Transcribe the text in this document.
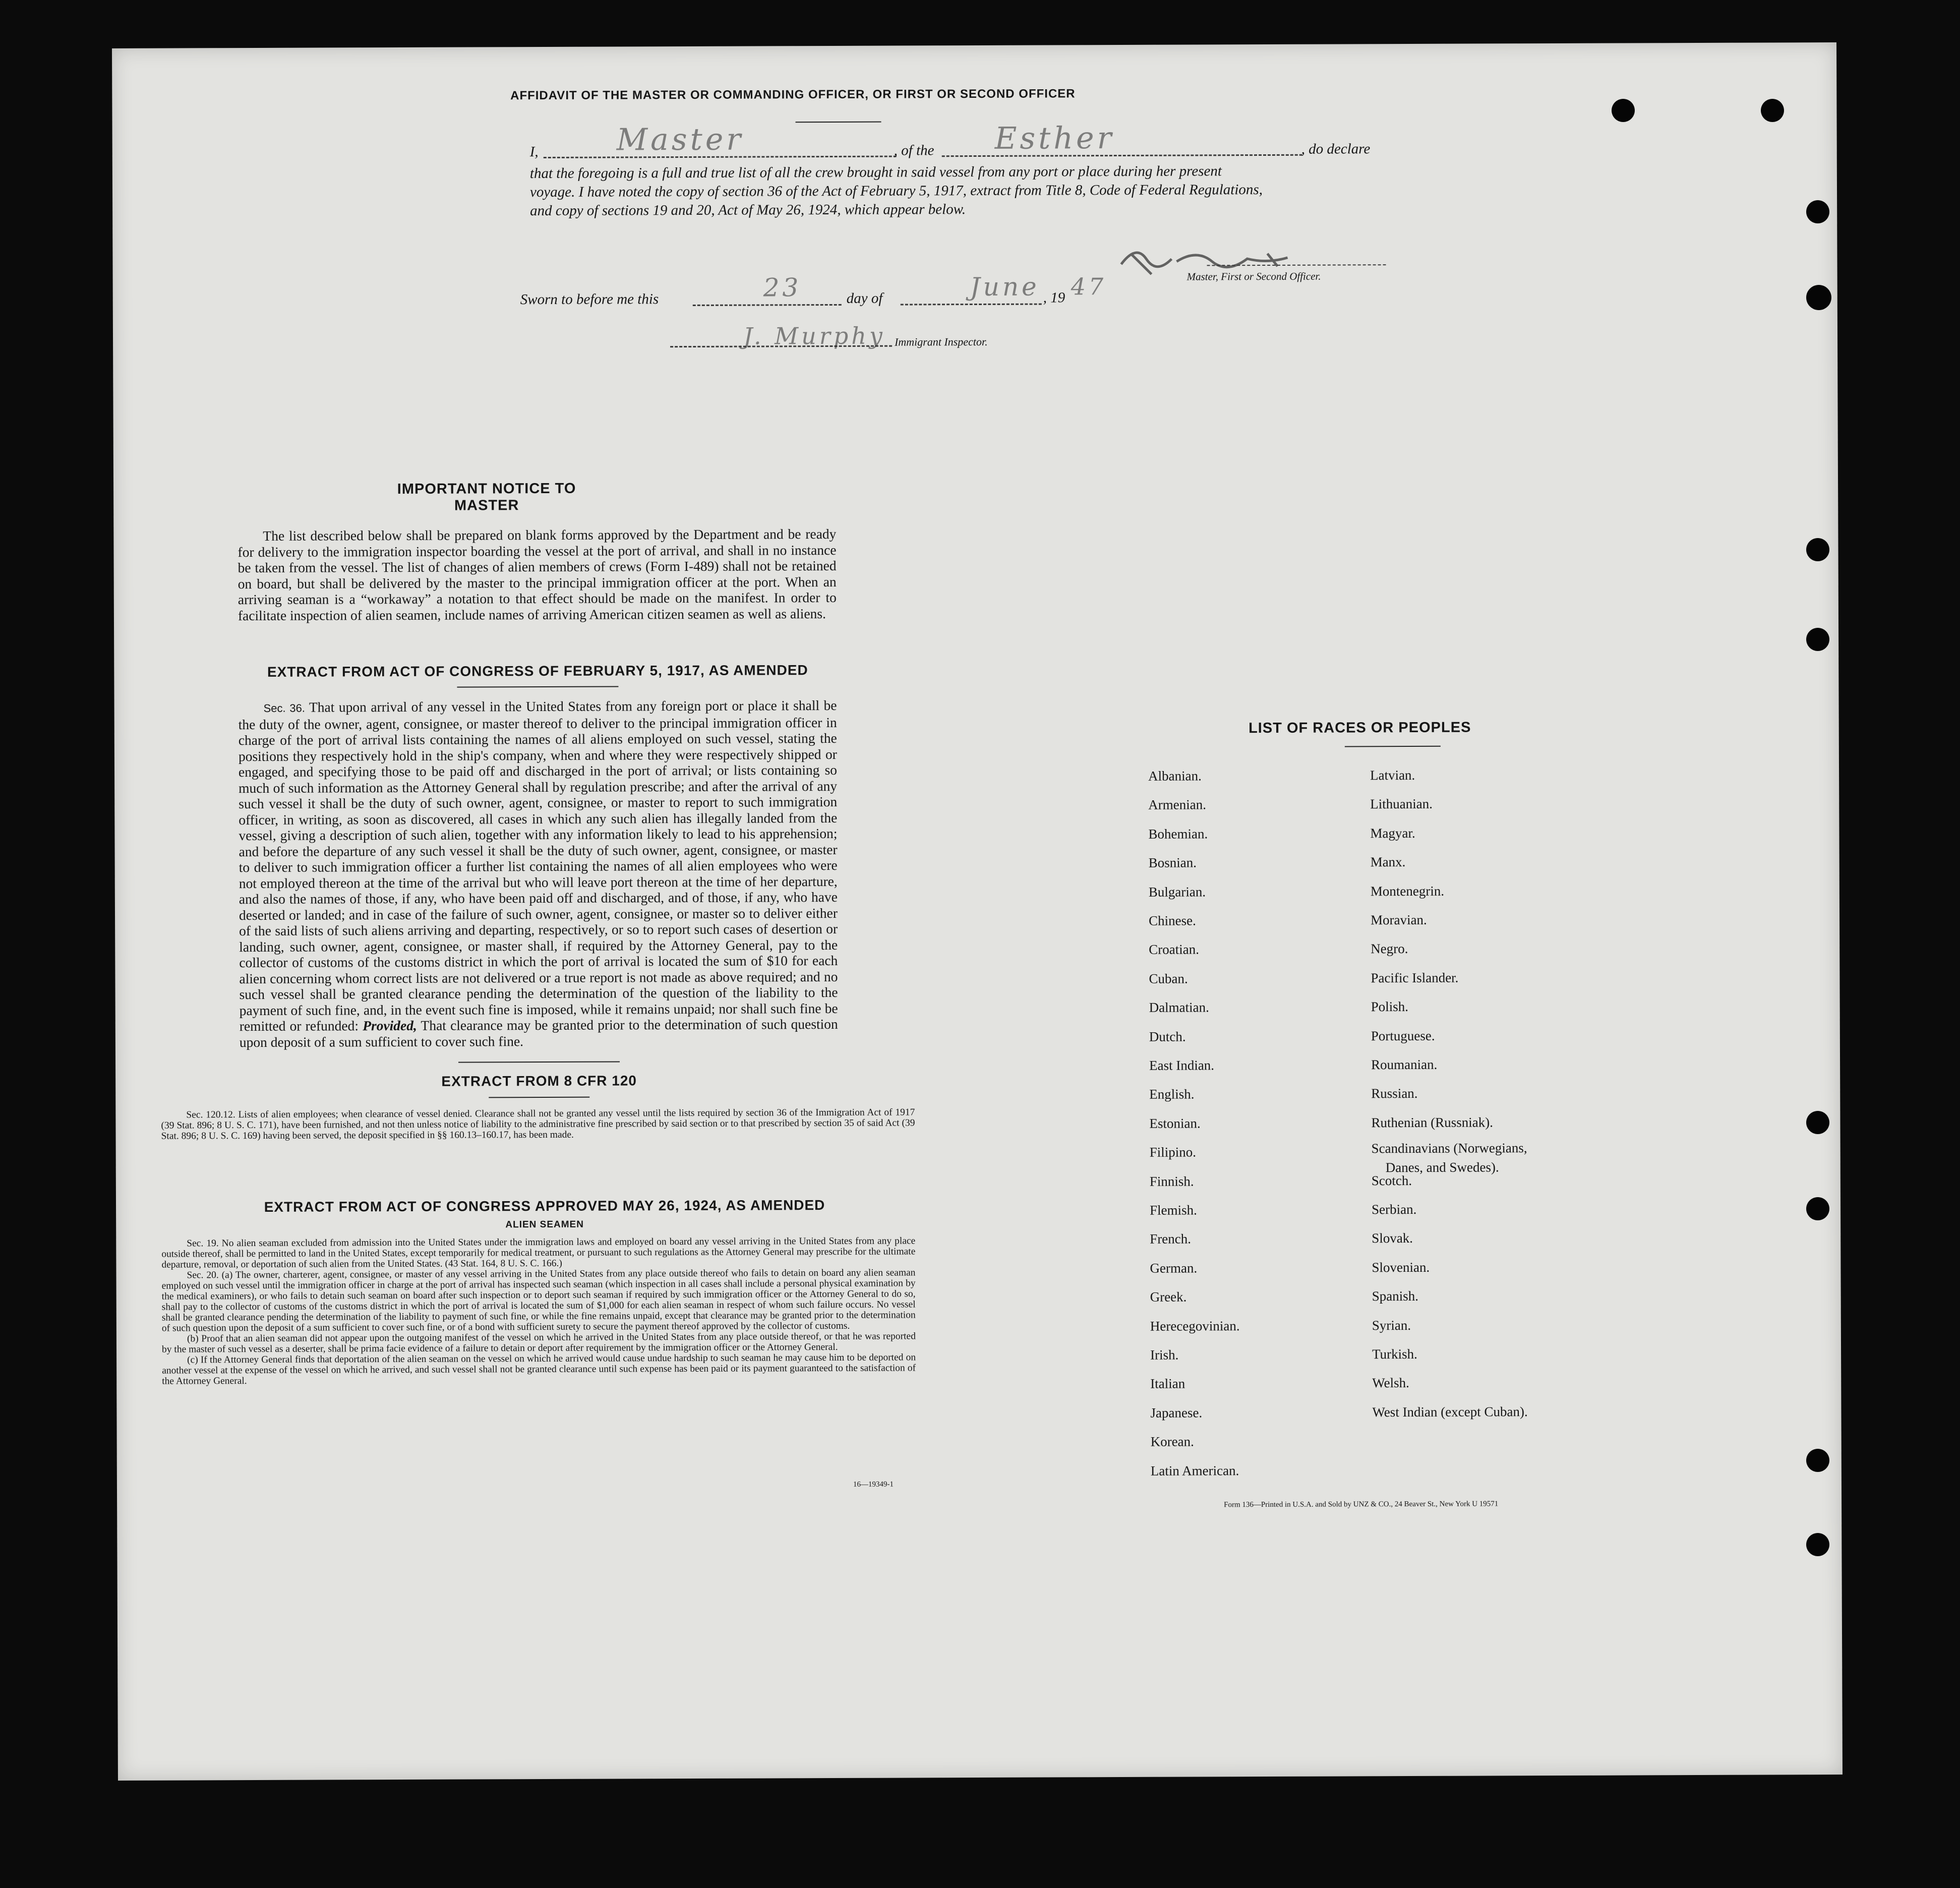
AFFIDAVIT OF THE MASTER OR COMMANDING OFFICER, OR FIRST OR SECOND OFFICER
I,	Master	, of the Esther	, do declare
that the foregoing is a full and true list of all the crew brought in said vessel from any port or place during her present
voyage. I have noted the copy of section 36 of the Act of February 5, 1917, extract from Title 8, Code of Federal Regulations,
and copy of sections 19 and 20, Act of May 26, 1924, which appear below.
Master, First or Second Officer.
Sworn to before me this	23	day of	June , 19 47
J. Murphy Immigrant Inspector.
IMPORTANT NOTICE TO MASTER
The list described below shall be prepared on blank forms approved by the Department and be ready for delivery to the immigration inspector boarding the vessel at the port of arrival, and shall in no instance be taken from the vessel. The list of changes of alien members of crews (Form I-489) shall not be retained on board, but shall be delivered by the master to the principal immigration officer at the port. When an arriving seaman is a “workaway” a notation to that effect should be made on the manifest. In order to facilitate inspection of alien seamen, include names of arriving American citizen seamen as well as aliens.
EXTRACT FROM ACT OF CONGRESS OF FEBRUARY 5, 1917, AS AMENDED
Sec. 36. That upon arrival of any vessel in the United States from any foreign port or place it shall be the duty of the owner, agent, consignee, or master thereof to deliver to the principal immigration officer in charge of the port of arrival lists containing the names of all aliens employed on such vessel, stating the positions they respectively hold in the ship's company, when and where they were respectively shipped or engaged, and specifying those to be paid off and discharged in the port of arrival; or lists containing so much of such information as the Attorney General shall by regulation prescribe; and after the arrival of any such vessel it shall be the duty of such owner, agent, consignee, or master to report to such immigration officer, in writing, as soon as discovered, all cases in which any such alien has illegally landed from the vessel, giving a description of such alien, together with any information likely to lead to his apprehension; and before the departure of any such vessel it shall be the duty of such owner, agent, consignee, or master to deliver to such immigration officer a further list containing the names of all alien employees who were not employed thereon at the time of the arrival but who will leave port thereon at the time of her departure, and also the names of those, if any, who have been paid off and discharged, and of those, if any, who have deserted or landed; and in case of the failure of such owner, agent, consignee, or master so to deliver either of the said lists of such aliens arriving and departing, respectively, or so to report such cases of desertion or landing, such owner, agent, consignee, or master shall, if required by the Attorney General, pay to the collector of customs of the customs district in which the port of arrival is located the sum of $10 for each alien concerning whom correct lists are not delivered or a true report is not made as above required; and no such vessel shall be granted clearance pending the determination of the question of the liability to the payment of such fine, and, in the event such fine is imposed, while it remains unpaid; nor shall such fine be remitted or refunded: Provided, That clearance may be granted prior to the determination of such question upon deposit of a sum sufficient to cover such fine.
EXTRACT FROM 8 CFR 120
Sec. 120.12. Lists of alien employees; when clearance of vessel denied. Clearance shall not be granted any vessel until the lists required by section 36 of the Immigration Act of 1917 (39 Stat. 896; 8 U. S. C. 171), have been furnished, and not then unless notice of liability to the administrative fine prescribed by said section or to that prescribed by section 35 of said Act (39 Stat. 896; 8 U. S. C. 169) having been served, the deposit specified in §§ 160.13–160.17, has been made.
EXTRACT FROM ACT OF CONGRESS APPROVED MAY 26, 1924, AS AMENDED
ALIEN SEAMEN
Sec. 19. No alien seaman excluded from admission into the United States under the immigration laws and employed on board any vessel arriving in the United States from any place outside thereof, shall be permitted to land in the United States, except temporarily for medical treatment, or pursuant to such regulations as the Attorney General may prescribe for the ultimate departure, removal, or deportation of such alien from the United States. (43 Stat. 164, 8 U. S. C. 166.)
Sec. 20. (a) The owner, charterer, agent, consignee, or master of any vessel arriving in the United States from any place outside thereof who fails to detain on board any alien seaman employed on such vessel until the immigration officer in charge at the port of arrival has inspected such seaman (which inspection in all cases shall include a personal physical examination by the medical examiners), or who fails to detain such seaman on board after such inspection or to deport such seaman if required by such immigration officer or the Attorney General to do so, shall pay to the collector of customs of the customs district in which the port of arrival is located the sum of $1,000 for each alien seaman in respect of whom such failure occurs. No vessel shall be granted clearance pending the determination of the liability to payment of such fine, or while the fine remains unpaid, except that clearance may be granted prior to the determination of such question upon the deposit of a sum sufficient to cover such fine, or of a bond with sufficient surety to secure the payment thereof approved by the collector of customs.
(b) Proof that an alien seaman did not appear upon the outgoing manifest of the vessel on which he arrived in the United States from any place outside thereof, or that he was reported by the master of such vessel as a deserter, shall be prima facie evidence of a failure to detain or deport after requirement by the immigration officer or the Attorney General.
(c) If the Attorney General finds that deportation of the alien seaman on the vessel on which he arrived would cause undue hardship to such seaman he may cause him to be deported on another vessel at the expense of the vessel on which he arrived, and such vessel shall not be granted clearance until such expense has been paid or its payment guaranteed to the satisfaction of the Attorney General.
16—19349-1
LIST OF RACES OR PEOPLES
Albanian.
Armenian.
Bohemian.
Bosnian.
Bulgarian.
Chinese.
Croatian.
Cuban.
Dalmatian.
Dutch.
East Indian.
English.
Estonian.
Filipino.
Finnish.
Flemish.
French.
German.
Greek.
Herecegovinian.
Irish.
Italian
Japanese.
Korean.
Latin American.
Latvian.
Lithuanian.
Magyar.
Manx.
Montenegrin.
Moravian.
Negro.
Pacific Islander.
Polish.
Portuguese.
Roumanian.
Russian.
Ruthenian (Russniak).
Scandinavians (Norwegians,
Danes, and Swedes).
Scotch.
Serbian.
Slovak.
Slovenian.
Spanish.
Syrian.
Turkish.
Welsh.
West Indian (except Cuban).
Form 136—Printed in U.S.A. and Sold by UNZ & CO., 24 Beaver St., New York U 19571
